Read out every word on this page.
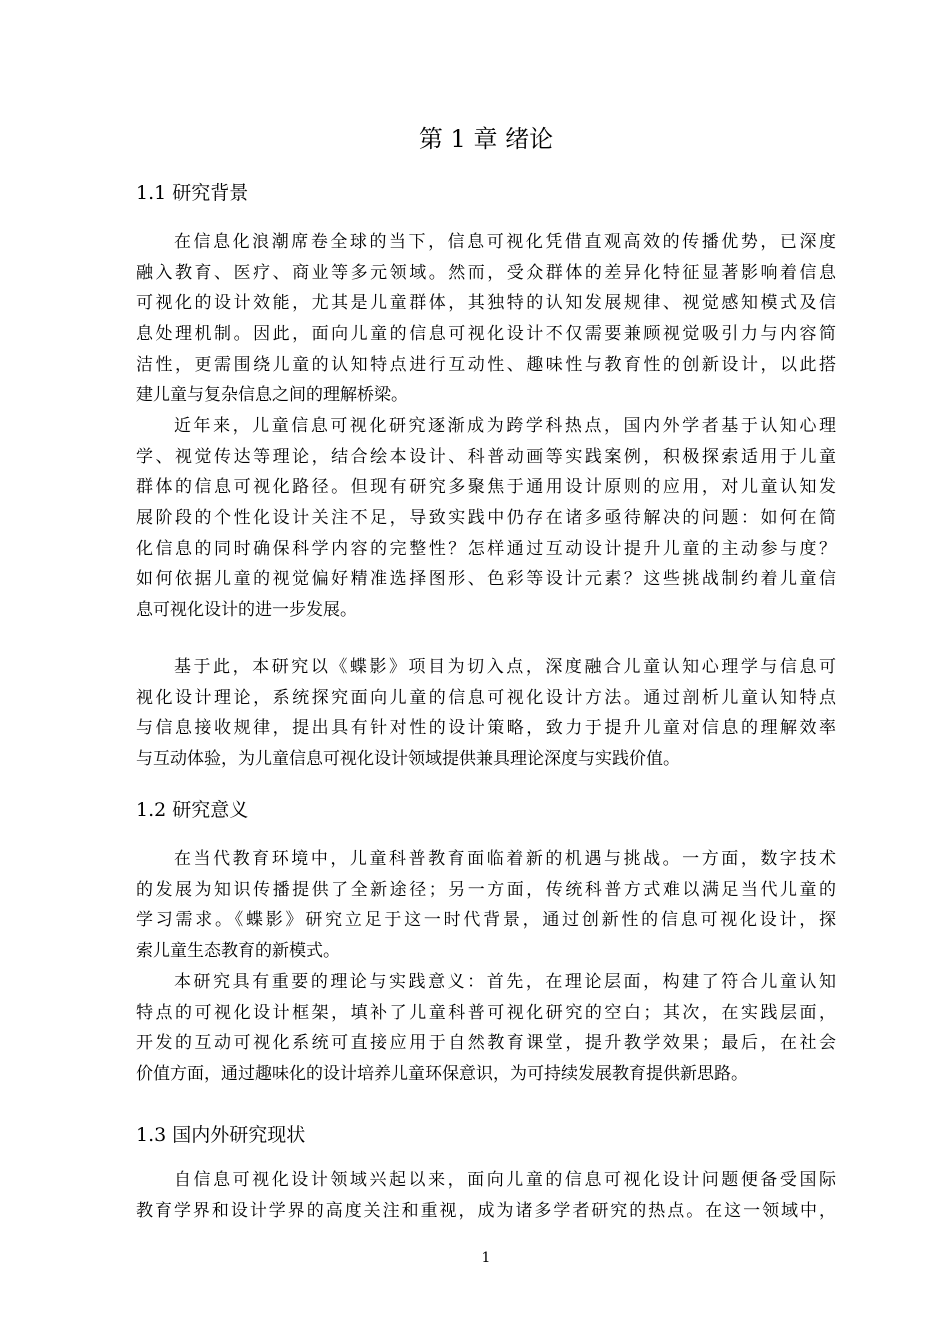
第 1 章 绪论
1.1 研究背景
在信息化浪潮席卷全球的当下，信息可视化凭借直观高效的传播优势，已深度
融入教育、医疗、商业等多元领域。然而，受众群体的差异化特征显著影响着信息
可视化的设计效能，尤其是儿童群体，其独特的认知发展规律、视觉感知模式及信
息处理机制。因此，面向儿童的信息可视化设计不仅需要兼顾视觉吸引力与内容简
洁性，更需围绕儿童的认知特点进行互动性、趣味性与教育性的创新设计，以此搭
建儿童与复杂信息之间的理解桥梁。
近年来，儿童信息可视化研究逐渐成为跨学科热点，国内外学者基于认知心理
学、视觉传达等理论，结合绘本设计、科普动画等实践案例，积极探索适用于儿童
群体的信息可视化路径。但现有研究多聚焦于通用设计原则的应用，对儿童认知发
展阶段的个性化设计关注不足，导致实践中仍存在诸多亟待解决的问题：如何在简
化信息的同时确保科学内容的完整性？怎样通过互动设计提升儿童的主动参与度？
如何依据儿童的视觉偏好精准选择图形、色彩等设计元素？这些挑战制约着儿童信
息可视化设计的进一步发展。
基于此，本研究以《蝶影》项目为切入点，深度融合儿童认知心理学与信息可
视化设计理论，系统探究面向儿童的信息可视化设计方法。通过剖析儿童认知特点
与信息接收规律，提出具有针对性的设计策略，致力于提升儿童对信息的理解效率
与互动体验，为儿童信息可视化设计领域提供兼具理论深度与实践价值。
1.2 研究意义
在当代教育环境中，儿童科普教育面临着新的机遇与挑战。一方面，数字技术
的发展为知识传播提供了全新途径；另一方面，传统科普方式难以满足当代儿童的
学习需求。《蝶影》研究立足于这一时代背景，通过创新性的信息可视化设计，探
索儿童生态教育的新模式。
本研究具有重要的理论与实践意义：首先，在理论层面，构建了符合儿童认知
特点的可视化设计框架，填补了儿童科普可视化研究的空白；其次，在实践层面，
开发的互动可视化系统可直接应用于自然教育课堂，提升教学效果；最后，在社会
价值方面，通过趣味化的设计培养儿童环保意识，为可持续发展教育提供新思路。
1.3 国内外研究现状
自信息可视化设计领域兴起以来，面向儿童的信息可视化设计问题便备受国际
教育学界和设计学界的高度关注和重视，成为诸多学者研究的热点。在这一领域中，
1
